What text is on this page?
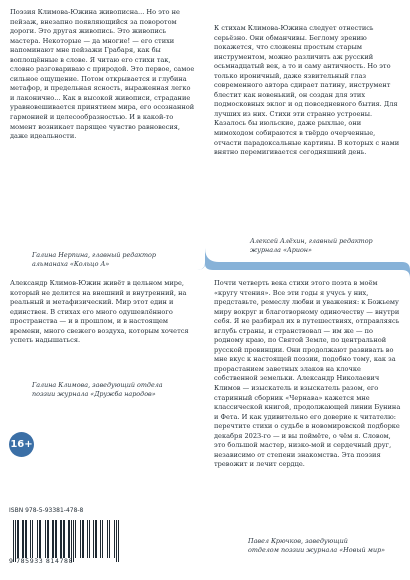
Поэзия Климова-Южина живописна... Но это не пейзаж, внезапно появляющийся за поворотом дороги. Это другая живопись. Это живопись мастера. Некоторые — да многие! — его стихи напоминают мне пейзажи Грабаря, как бы воплощённые в слове. Я читаю его стихи так, словно разговариваю с природой. Это первое, самое сильное ощущение. Потом открывается и глубина метафор, и предельная ясность, выраженная легко и лаконично... Как в высокой живописи, страдание уравновешивается принятием мира, его осознанной гармонией и целесообразностью. И в какой-то момент возникает парящее чувство равновесия, даже идеальности.

Галина Нерпина, главный редактор
альманаха «Кольцо А»

К стихам Климова-Южина следует отнестись серьёзно. Они обманчивы. Беглому зрению покажется, что сложены простым старым инструментом, можно различить аж русский осьмнадцатый век, а то и саму античность. Но это только ироничный, даже язвительный глаз современного автора сдирает патину, инструмент блестит как новенький, он создан для этих подмосковных эклог и од повседневного бытия. Для лучших из них. Стихи эти странно устроены. Казалось бы июльские, даже рыхлые, они мимоходом собираются в твёрдо очерченные, отчасти парадоксальные картины. В которых с нами внятно перемигивается сегодняшний день.

Алексей Алёхин, главный редактор
журнала «Арион»

Александр Климов-Южин живёт в цельном мире, который не делится на внешний и внутренний, на реальный и метафизический. Мир этот един и единствен. В стихах его много одушевлённого пространства — и в прошлом, и в настоящем времени, много свежего воздуха, которым хочется успеть надышаться.

Галина Климова, заведующий отдела
поэзии журнала «Дружба народов»

Почти четверть века стихи этого поэта в моём «кругу чтения». Все эти годы я учусь у них, представьте, ремеслу любви и уважения: к Божьему миру вокруг и благотворному одиночеству — внутри себя. Я не разбирал их в путешествиях, отправляясь вглубь страны, и странствовал — им же — по родному краю, по Святой Земле, по центральной русской провинции. Они продолжают развивать во мне вкус к настоящей поэзии, подобно тому, как за прорастанием заветных злаков на клочке собственной земельки. Александр Николаевич Климов — изыскатель и взыскатель разом, его старинный сборник «Чернава» кажется мне классической книгой, продолжающей линии Бунина и Фета. И как удивительно его доверие к читателю: перечтите стихи о судьбе в новомировской подборке декабря 2023-го — и вы поймёте, о чём я. Словом, это большой мастер, низко-мой и сердечный друг, независимо от степени знакомства. Эта поэзия тревожит и лечит сердце.

Павел Крючков, заведующий
отделом поэзии журнала «Новый мир»
16+
ISBN 978-5-93381-478-8
9 785933 814788
